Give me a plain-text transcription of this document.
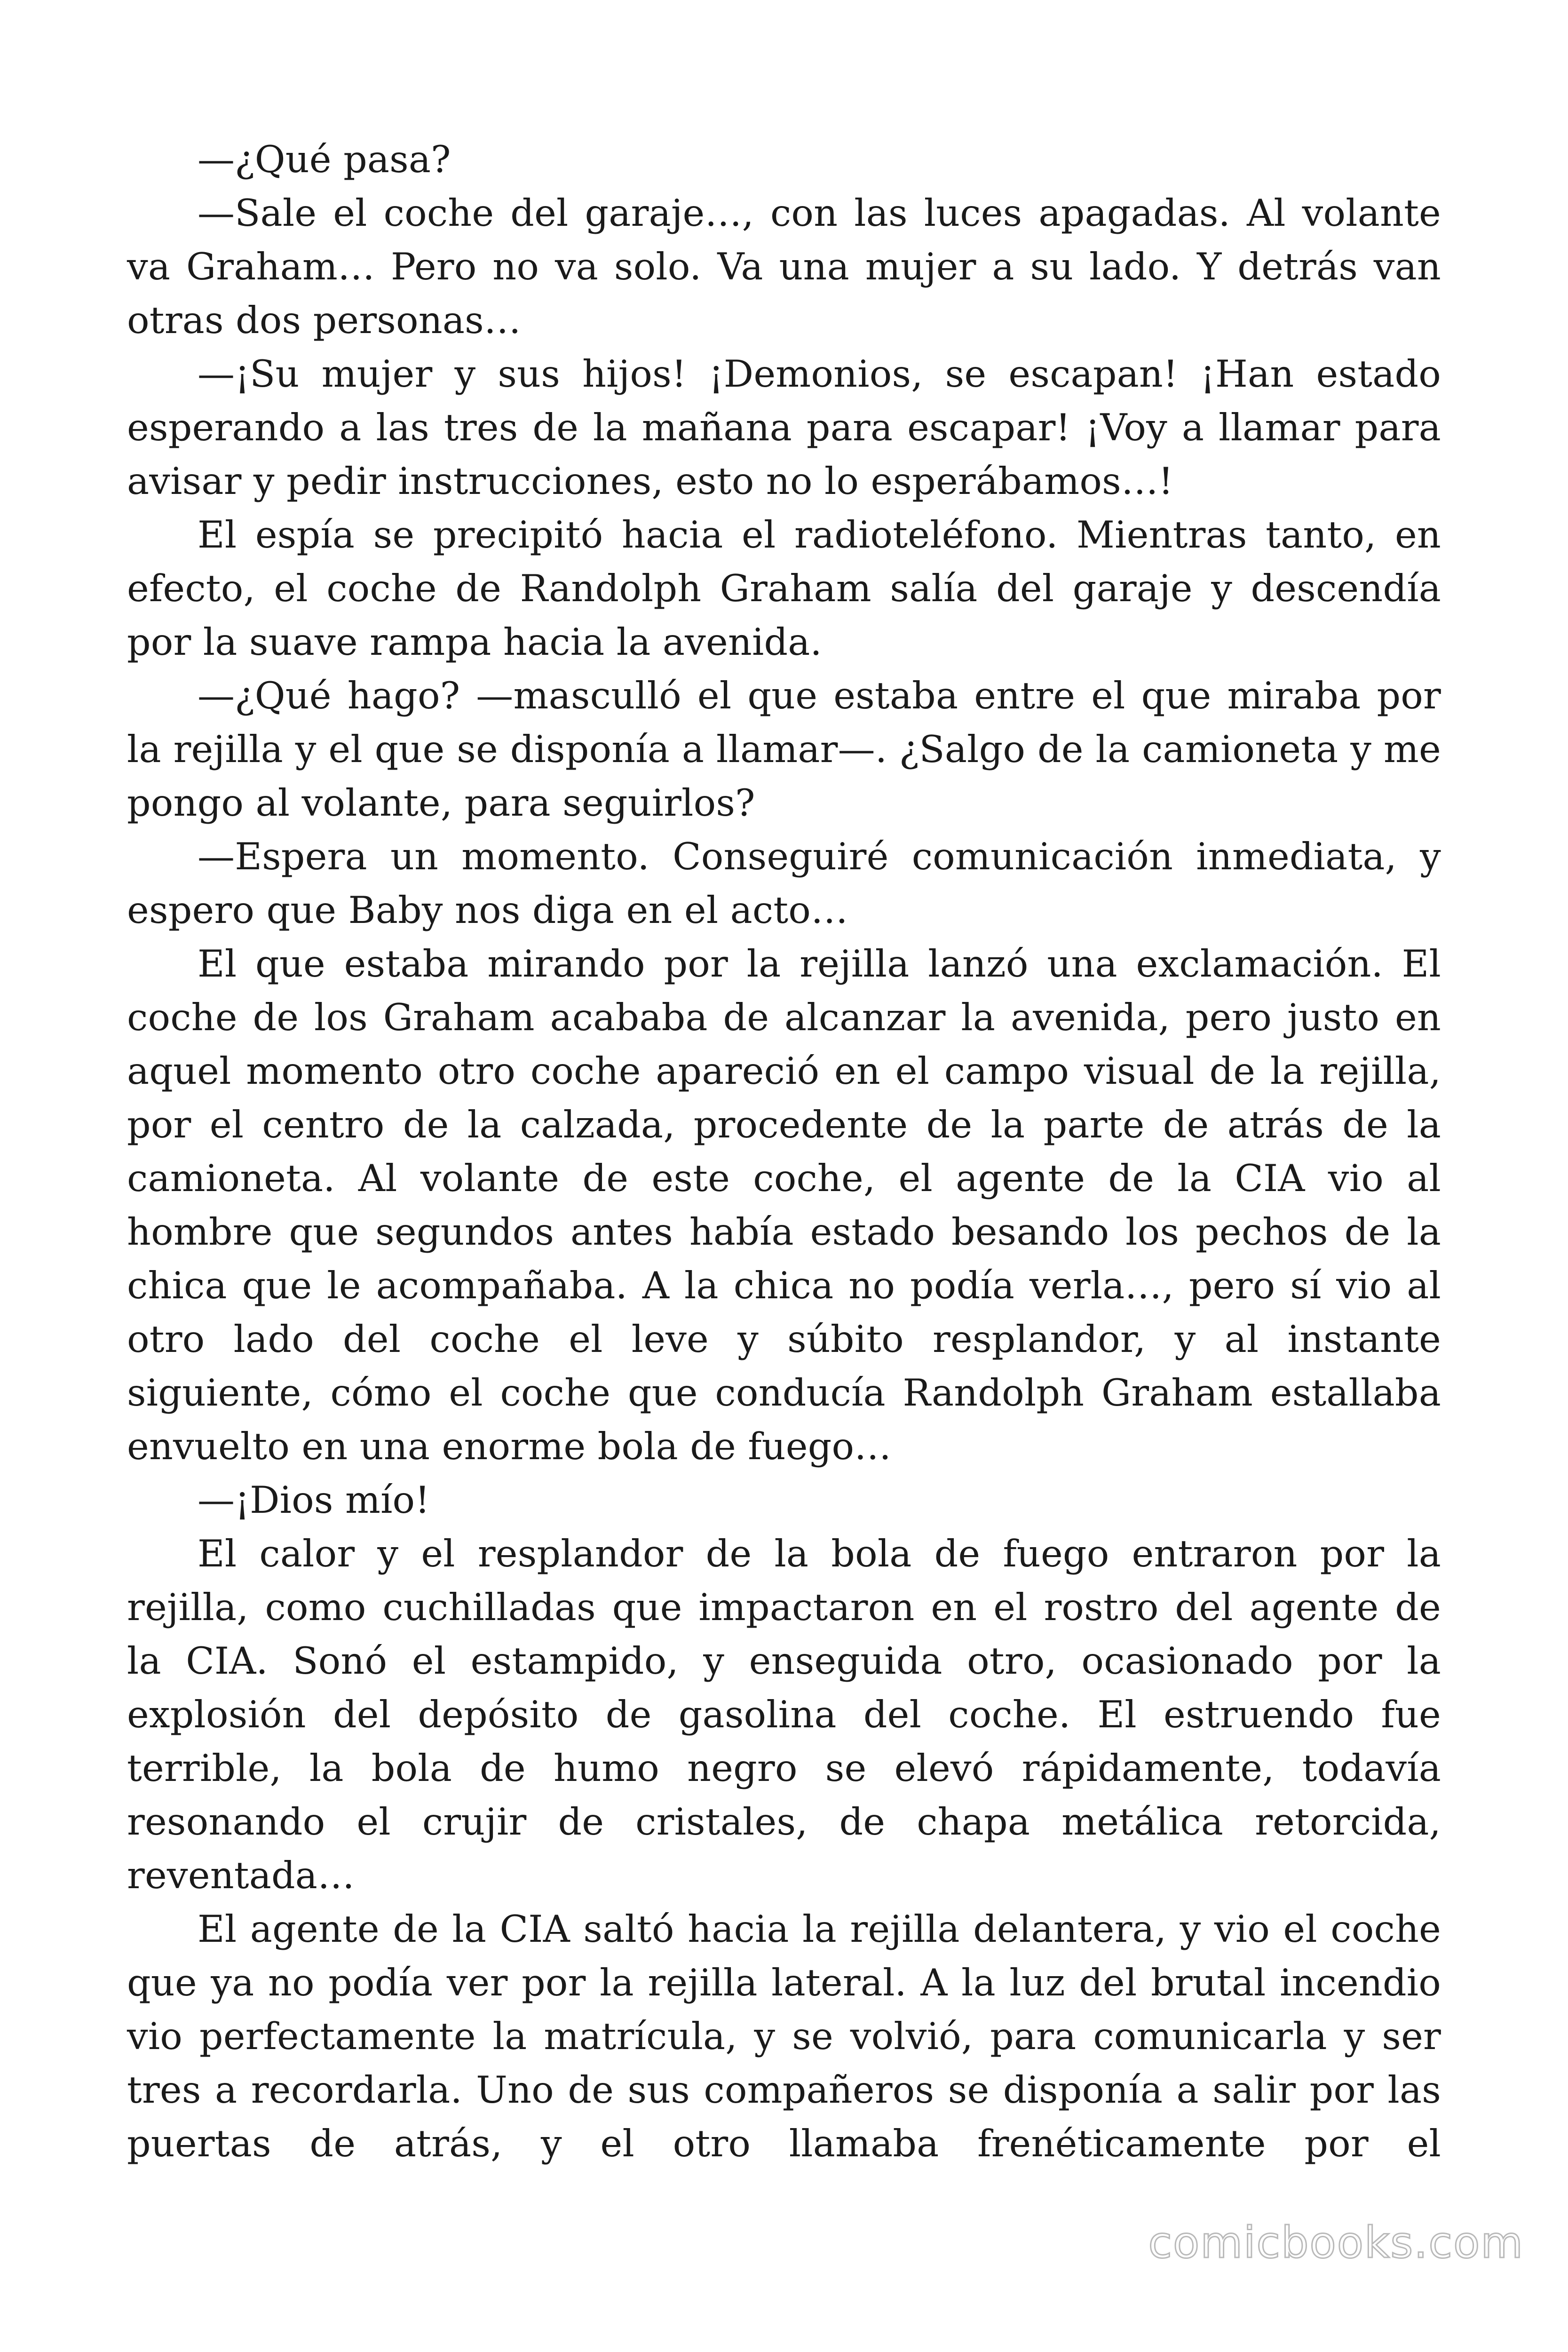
—¿Qué pasa?

—Sale el coche del garaje…, con las luces apagadas. Al volante va Graham… Pero no va solo. Va una mujer a su lado. Y detrás van otras dos personas…

—¡Su mujer y sus hijos! ¡Demonios, se escapan! ¡Han estado esperando a las tres de la mañana para escapar! ¡Voy a llamar para avisar y pedir instrucciones, esto no lo esperábamos…!

El espía se precipitó hacia el radioteléfono. Mientras tanto, en efecto, el coche de Randolph Graham salía del garaje y descendía por la suave rampa hacia la avenida.

—¿Qué hago? —masculló el que estaba entre el que miraba por la rejilla y el que se disponía a llamar—. ¿Salgo de la camioneta y me pongo al volante, para seguirlos?

—Espera un momento. Conseguiré comunicación inmediata, y espero que Baby nos diga en el acto…

El que estaba mirando por la rejilla lanzó una exclamación. El coche de los Graham acababa de alcanzar la avenida, pero justo en aquel momento otro coche apareció en el campo visual de la rejilla, por el centro de la calzada, procedente de la parte de atrás de la camioneta. Al volante de este coche, el agente de la CIA vio al hombre que segundos antes había estado besando los pechos de la chica que le acompañaba. A la chica no podía verla…, pero sí vio al otro lado del coche el leve y súbito resplandor, y al instante siguiente, cómo el coche que conducía Randolph Graham estallaba envuelto en una enorme bola de fuego…

—¡Dios mío!

El calor y el resplandor de la bola de fuego entraron por la rejilla, como cuchilladas que impactaron en el rostro del agente de la CIA. Sonó el estampido, y enseguida otro, ocasionado por la explosión del depósito de gasolina del coche. El estruendo fue terrible, la bola de humo negro se elevó rápidamente, todavía resonando el crujir de cristales, de chapa metálica retorcida, reventada…

El agente de la CIA saltó hacia la rejilla delantera, y vio el coche que ya no podía ver por la rejilla lateral. A la luz del brutal incendio vio perfectamente la matrícula, y se volvió, para comunicarla y ser tres a recordarla. Uno de sus compañeros se disponía a salir por las puertas de atrás, y el otro llamaba frenéticamente por el

comicbooks.com
